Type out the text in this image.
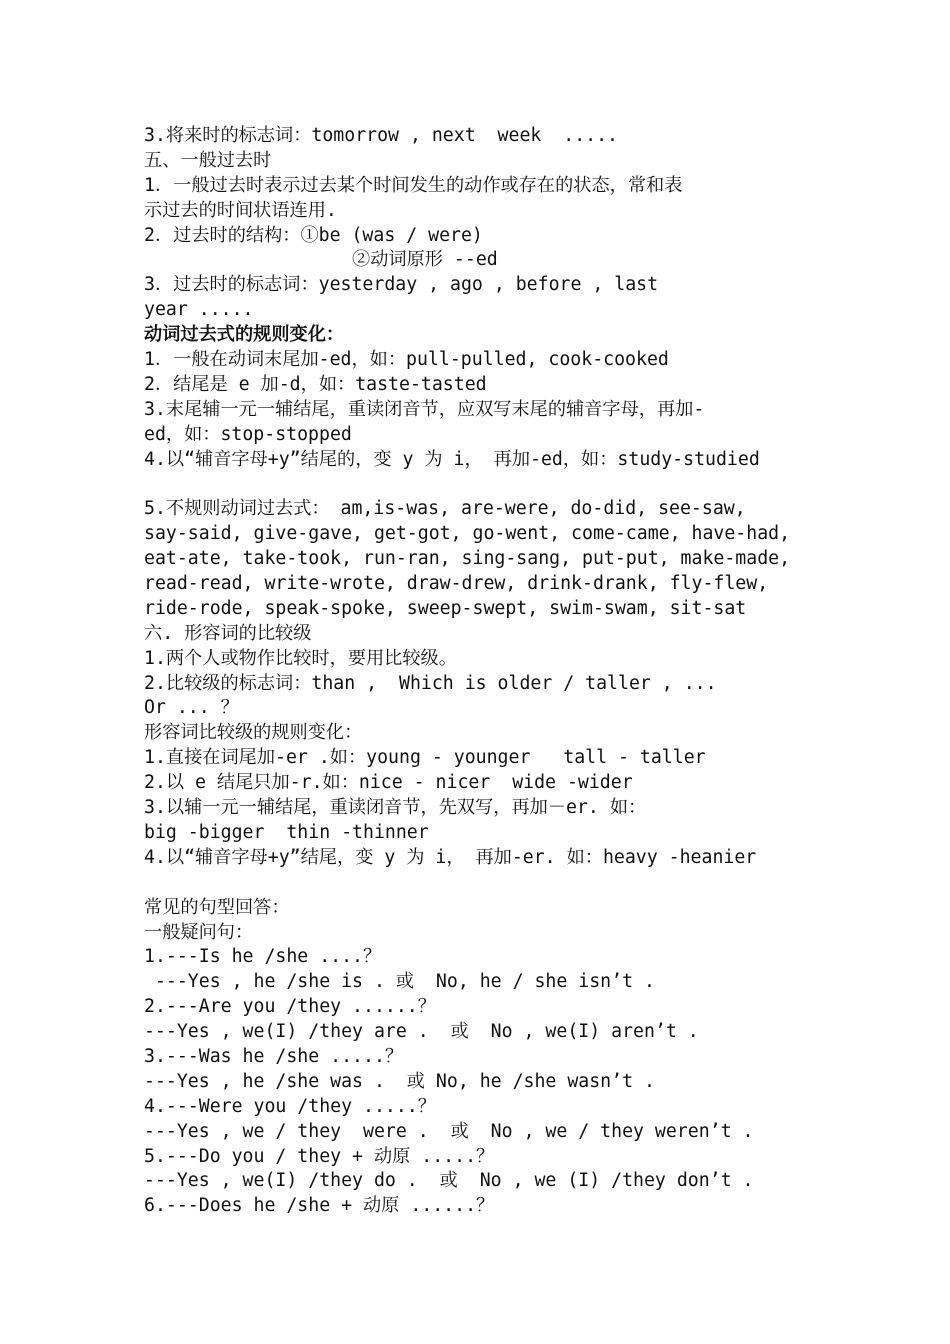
3.将来时的标志词：tomorrow , next  week  .....
五、一般过去时
1．一般过去时表示过去某个时间发生的动作或存在的状态，常和表
示过去的时间状语连用.
2．过去时的结构：①be (was / were)
②动词原形 --ed
3．过去时的标志词：yesterday , ago , before , last
year .....
动词过去式的规则变化：
1．一般在动词末尾加-ed，如：pull-pulled, cook-cooked
2．结尾是 e 加-d，如：taste-tasted
3.末尾辅一元一辅结尾，重读闭音节，应双写末尾的辅音字母，再加-
ed，如：stop-stopped
4.以“辅音字母+y”结尾的，变 y 为 i， 再加-ed，如：study-studied
5.不规则动词过去式： am,is-was, are-were, do-did, see-saw,
say-said, give-gave, get-got, go-went, come-came, have-had,
eat-ate, take-took, run-ran, sing-sang, put-put, make-made,
read-read, write-wrote, draw-drew, drink-drank, fly-flew,
ride-rode, speak-spoke, sweep-swept, swim-swam, sit-sat
六. 形容词的比较级
1.两个人或物作比较时，要用比较级。
2.比较级的标志词：than ,  Which is older / taller , ...
Or ... ？
形容词比较级的规则变化：
1.直接在词尾加-er .如：young - younger   tall - taller
2.以 e 结尾只加-r.如：nice - nicer  wide -wider
3.以辅一元一辅结尾，重读闭音节，先双写，再加－er. 如：
big -bigger  thin -thinner
4.以“辅音字母+y”结尾，变 y 为 i， 再加-er. 如：heavy -heanier
常见的句型回答：
一般疑问句：
1.---Is he /she ....？
---Yes , he /she is . 或  No, he / she isn’t .
2.---Are you /they ......？
---Yes , we(I) /they are .  或  No , we(I) aren’t .
3.---Was he /she .....？
---Yes , he /she was .  或 No, he /she wasn’t .
4.---Were you /they .....？
---Yes , we / they  were .  或  No , we / they weren’t .
5.---Do you / they + 动原 .....？
---Yes , we(I) /they do .  或  No , we (I) /they don’t .
6.---Does he /she + 动原 ......？
